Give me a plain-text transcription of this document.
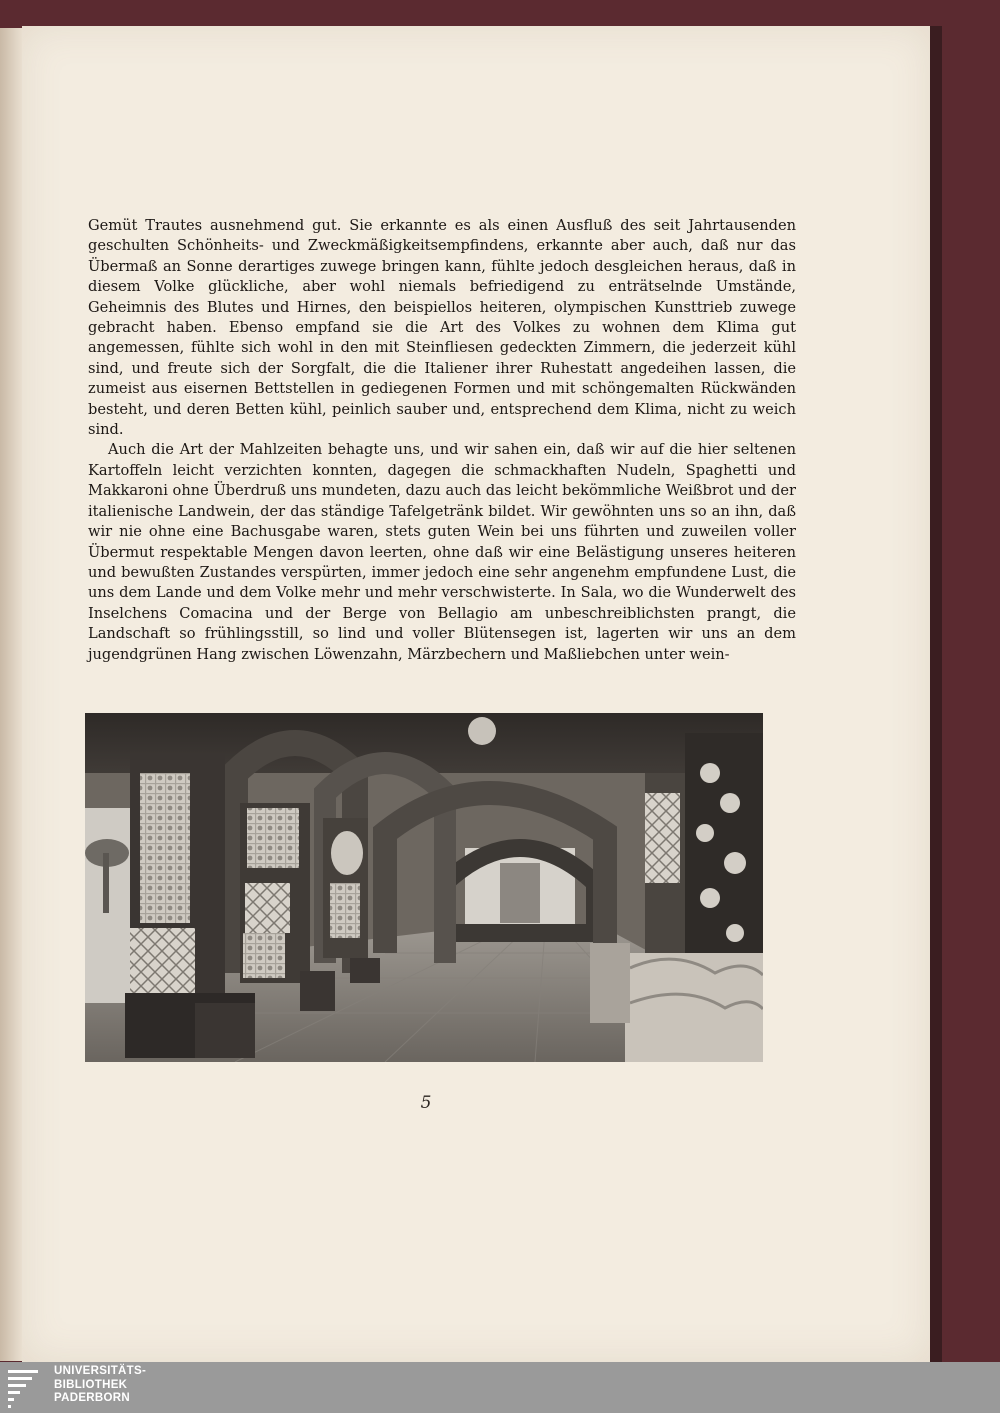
Gemüt Trautes ausnehmend gut. Sie erkannte es als einen Ausfluß des seit Jahrtausenden geschulten Schönheits- und Zweckmäßigkeitsempfindens, erkannte aber auch, daß nur das Übermaß an Sonne derartiges zuwege bringen kann, fühlte jedoch desgleichen heraus, daß in diesem Volke glückliche, aber wohl niemals befriedigend zu enträtselnde Umstände, Geheimnis des Blutes und Hirnes, den beispiellos heiteren, olympischen Kunsttrieb zuwege gebracht haben. Ebenso empfand sie die Art des Volkes zu wohnen dem Klima gut angemessen, fühlte sich wohl in den mit Steinfliesen gedeckten Zimmern, die jederzeit kühl sind, und freute sich der Sorgfalt, die die Italiener ihrer Ruhestatt angedeihen lassen, die zumeist aus eisernen Bettstellen in gediegenen Formen und mit schöngemalten Rückwänden besteht, und deren Betten kühl, peinlich sauber und, entsprechend dem Klima, nicht zu weich sind.

Auch die Art der Mahlzeiten behagte uns, und wir sahen ein, daß wir auf die hier seltenen Kartoffeln leicht verzichten konnten, dagegen die schmackhaften Nudeln, Spaghetti und Makkaroni ohne Überdruß uns mundeten, dazu auch das leicht bekömmliche Weißbrot und der italienische Landwein, der das ständige Tafelgetränk bildet. Wir gewöhnten uns so an ihn, daß wir nie ohne eine Bachusgabe waren, stets guten Wein bei uns führten und zuweilen voller Übermut respektable Mengen davon leerten, ohne daß wir eine Belästigung unseres heiteren und bewußten Zustandes verspürten, immer jedoch eine sehr angenehm empfundene Lust, die uns dem Lande und dem Volke mehr und mehr verschwisterte. In Sala, wo die Wunderwelt des Inselchens Comacina und der Berge von Bellagio am unbeschreiblichsten prangt, die Landschaft so frühlingsstill, so lind und voller Blütensegen ist, lagerten wir uns an dem jugendgrünen Hang zwischen Löwenzahn, Märzbechern und Maßliebchen unter wein-

5
UNIVERSITÄTS-
BIBLIOTHEK
PADERBORN
